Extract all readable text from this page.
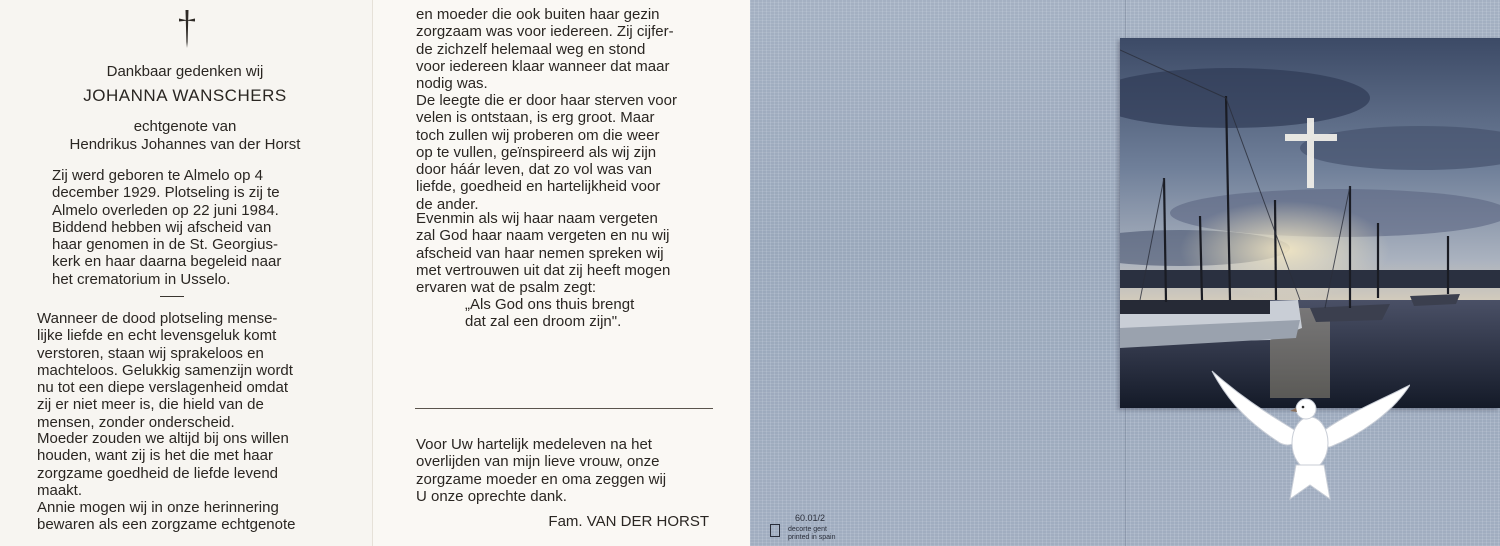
Dankbaar gedenken wij
JOHANNA WANSCHERS
echtgenote van
Hendrikus Johannes van der Horst
Zij werd geboren te Almelo op 4
december 1929. Plotseling is zij te
Almelo overleden op 22 juni 1984.
Biddend hebben wij afscheid van
haar genomen in de St. Georgius-
kerk en haar daarna begeleid naar
het crematorium in Usselo.
Wanneer de dood plotseling mense-
lijke liefde en echt levensgeluk komt
verstoren, staan wij sprakeloos en
machteloos. Gelukkig samenzijn wordt
nu tot een diepe verslagenheid omdat
zij er niet meer is, die hield van de
mensen, zonder onderscheid.
Moeder zouden we altijd bij ons willen
houden, want zij is het die met haar
zorgzame goedheid de liefde levend
maakt.
Annie mogen wij in onze herinnering
bewaren als een zorgzame echtgenote
en moeder die ook buiten haar gezin
zorgzaam was voor iedereen. Zij cijfer-
de zichzelf helemaal weg en stond
voor iedereen klaar wanneer dat maar
nodig was.
De leegte die er door haar sterven voor
velen is ontstaan, is erg groot. Maar
toch zullen wij proberen om die weer
op te vullen, geïnspireerd als wij zijn
door háár leven, dat zo vol was van
liefde, goedheid en hartelijkheid voor
de ander.
Evenmin als wij haar naam vergeten
zal God haar naam vergeten en nu wij
afscheid van haar nemen spreken wij
met vertrouwen uit dat zij heeft mogen
ervaren wat de psalm zegt:
„Als God ons thuis brengt
dat zal een droom zijn".
Voor Uw hartelijk medeleven na het
overlijden van mijn lieve vrouw, onze
zorgzame moeder en oma zeggen wij
U onze oprechte dank.
Fam. VAN DER HORST	60.01/2
decorte gent
printed in spain
